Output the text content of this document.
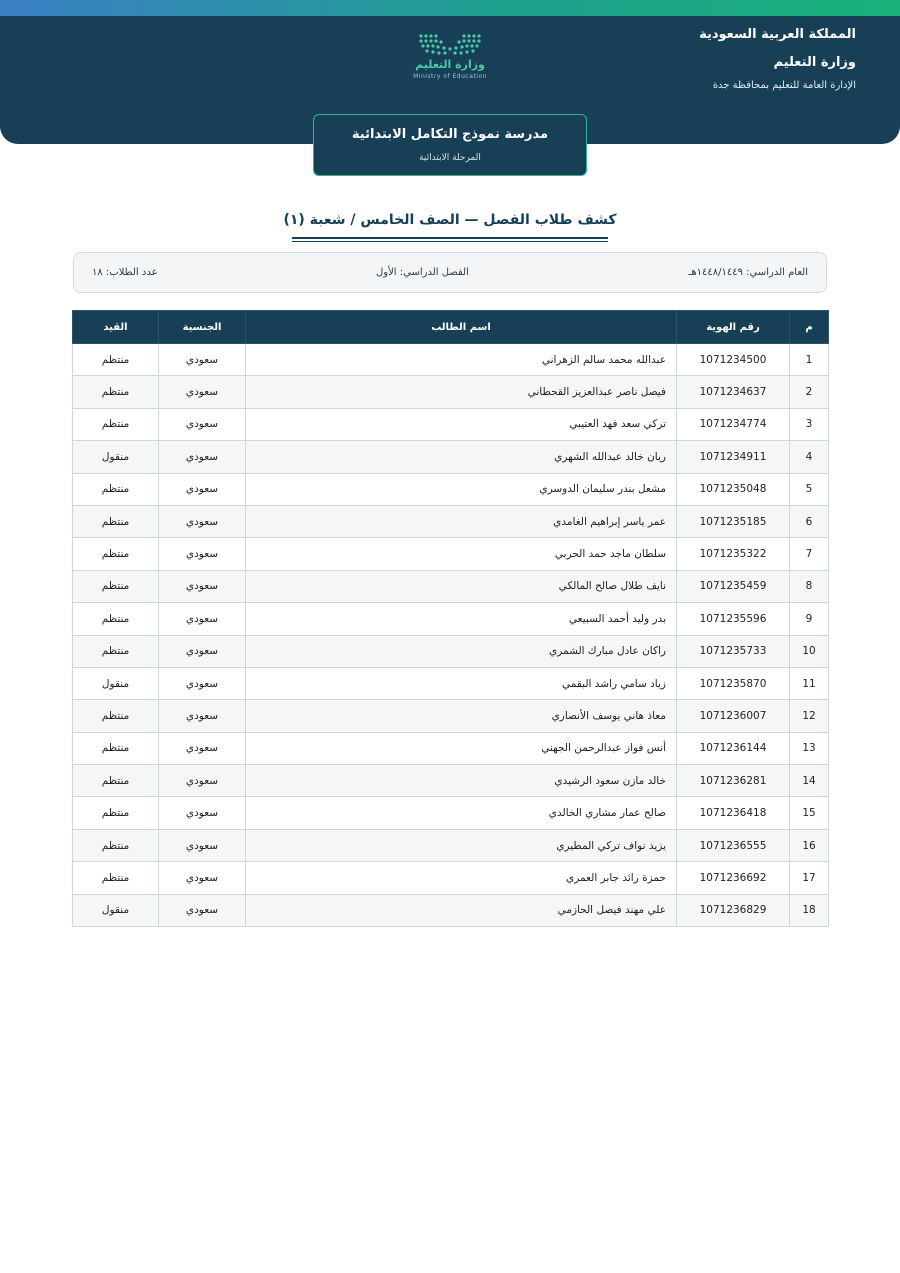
المملكة العربية السعودية
وزارة التعليم
الإدارة العامة للتعليم بمحافظة جدة
وزارة التعليم
Ministry of Education
مدرسة نموذج التكامل الابتدائية
المرحلة الابتدائية
كشف طلاب الفصل — الصف الخامس / شعبة (١)
العام الدراسي: ١٤٤٨/١٤٤٩هـ
الفصل الدراسي: الأول
عدد الطلاب: ١٨
م	رقم الهوية	اسم الطالب	الجنسية	القيد
1	1071234500	عبدالله محمد سالم الزهراني	سعودي	منتظم
2	1071234637	فيصل ناصر عبدالعزيز القحطاني	سعودي	منتظم
3	1071234774	تركي سعد فهد العتيبي	سعودي	منتظم
4	1071234911	ريان خالد عبدالله الشهري	سعودي	منقول
5	1071235048	مشعل بندر سليمان الدوسري	سعودي	منتظم
6	1071235185	عمر ياسر إبراهيم الغامدي	سعودي	منتظم
7	1071235322	سلطان ماجد حمد الحربي	سعودي	منتظم
8	1071235459	نايف طلال صالح المالكي	سعودي	منتظم
9	1071235596	بدر وليد أحمد السبيعي	سعودي	منتظم
10	1071235733	راكان عادل مبارك الشمري	سعودي	منتظم
11	1071235870	زياد سامي راشد البقمي	سعودي	منقول
12	1071236007	معاذ هاني يوسف الأنصاري	سعودي	منتظم
13	1071236144	أنس فواز عبدالرحمن الجهني	سعودي	منتظم
14	1071236281	خالد مازن سعود الرشيدي	سعودي	منتظم
15	1071236418	صالح عمار مشاري الخالدي	سعودي	منتظم
16	1071236555	يزيد نواف تركي المطيري	سعودي	منتظم
17	1071236692	حمزة رائد جابر العمري	سعودي	منتظم
18	1071236829	علي مهند فيصل الحازمي	سعودي	منقول
